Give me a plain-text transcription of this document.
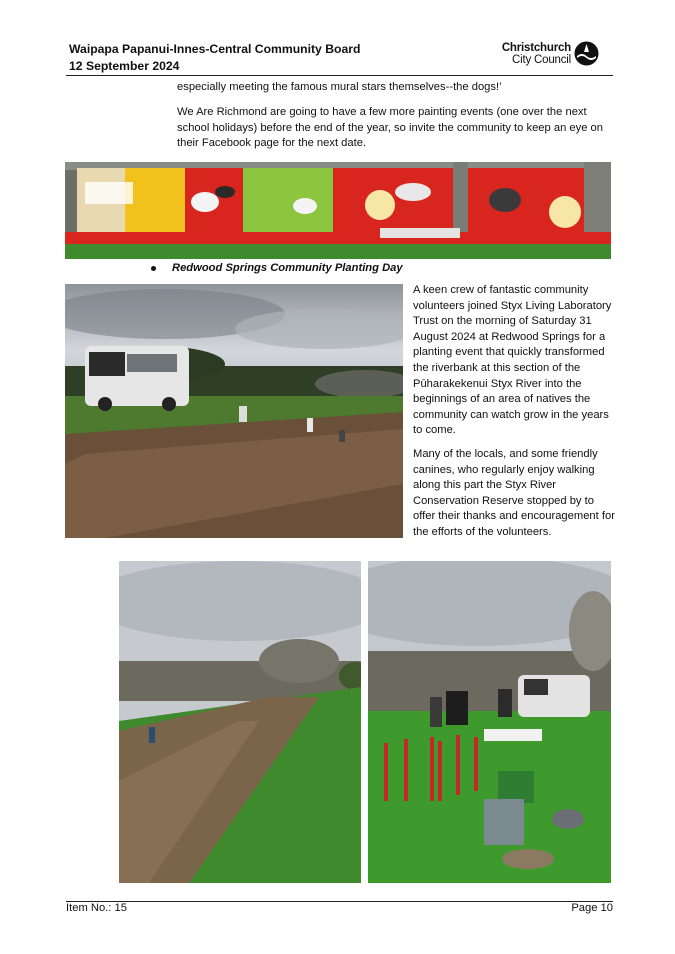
Waipapa Papanui-Innes-Central Community Board
12 September 2024
Christchurch
City Council
especially meeting the famous mural stars themselves--the dogs!’
We Are Richmond are going to have a few more painting events (one over the next school holidays) before the end of the year, so invite the community to keep an eye on their Facebook page for the next date.
Redwood Springs Community Planting Day
A keen crew of fantastic community volunteers joined Styx Living Laboratory Trust on the morning of Saturday 31 August 2024 at Redwood Springs for a planting event that quickly transformed the riverbank at this section of the Pūharakekenui Styx River into the beginnings of an area of natives the community can watch grow in the years to come.
Many of the locals, and some friendly canines, who regularly enjoy walking along this part the Styx River Conservation Reserve stopped by to offer their thanks and encouragement for the efforts of the volunteers.
Item No.: 15	Page 10
